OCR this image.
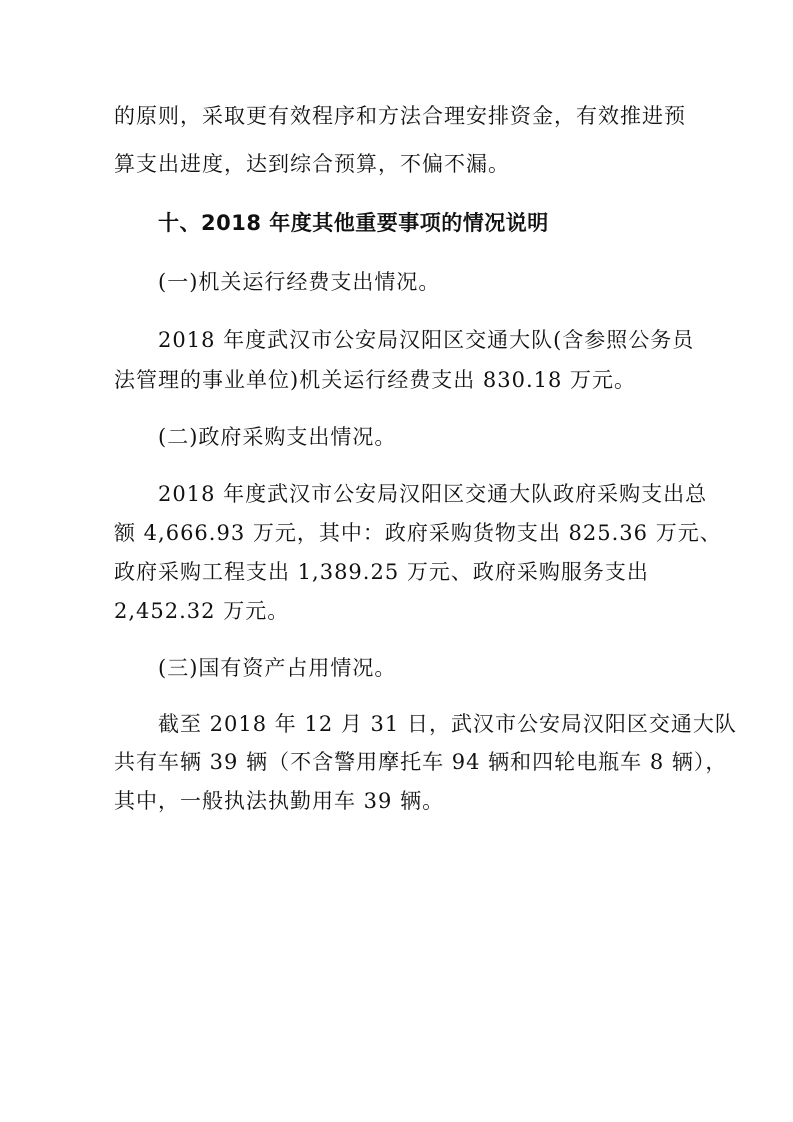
的原则，采取更有效程序和方法合理安排资金，有效推进预
算支出进度，达到综合预算，不偏不漏。
十、2018 年度其他重要事项的情况说明
(一)机关运行经费支出情况。
2018 年度武汉市公安局汉阳区交通大队(含参照公务员
法管理的事业单位)机关运行经费支出 830.18 万元。
(二)政府采购支出情况。
2018 年度武汉市公安局汉阳区交通大队政府采购支出总
额 4,666.93 万元，其中：政府采购货物支出 825.36 万元、
政府采购工程支出 1,389.25 万元、政府采购服务支出
2,452.32 万元。
(三)国有资产占用情况。
截至 2018 年 12 月 31 日，武汉市公安局汉阳区交通大队
共有车辆 39 辆（不含警用摩托车 94 辆和四轮电瓶车 8 辆），
其中，一般执法执勤用车 39 辆。
